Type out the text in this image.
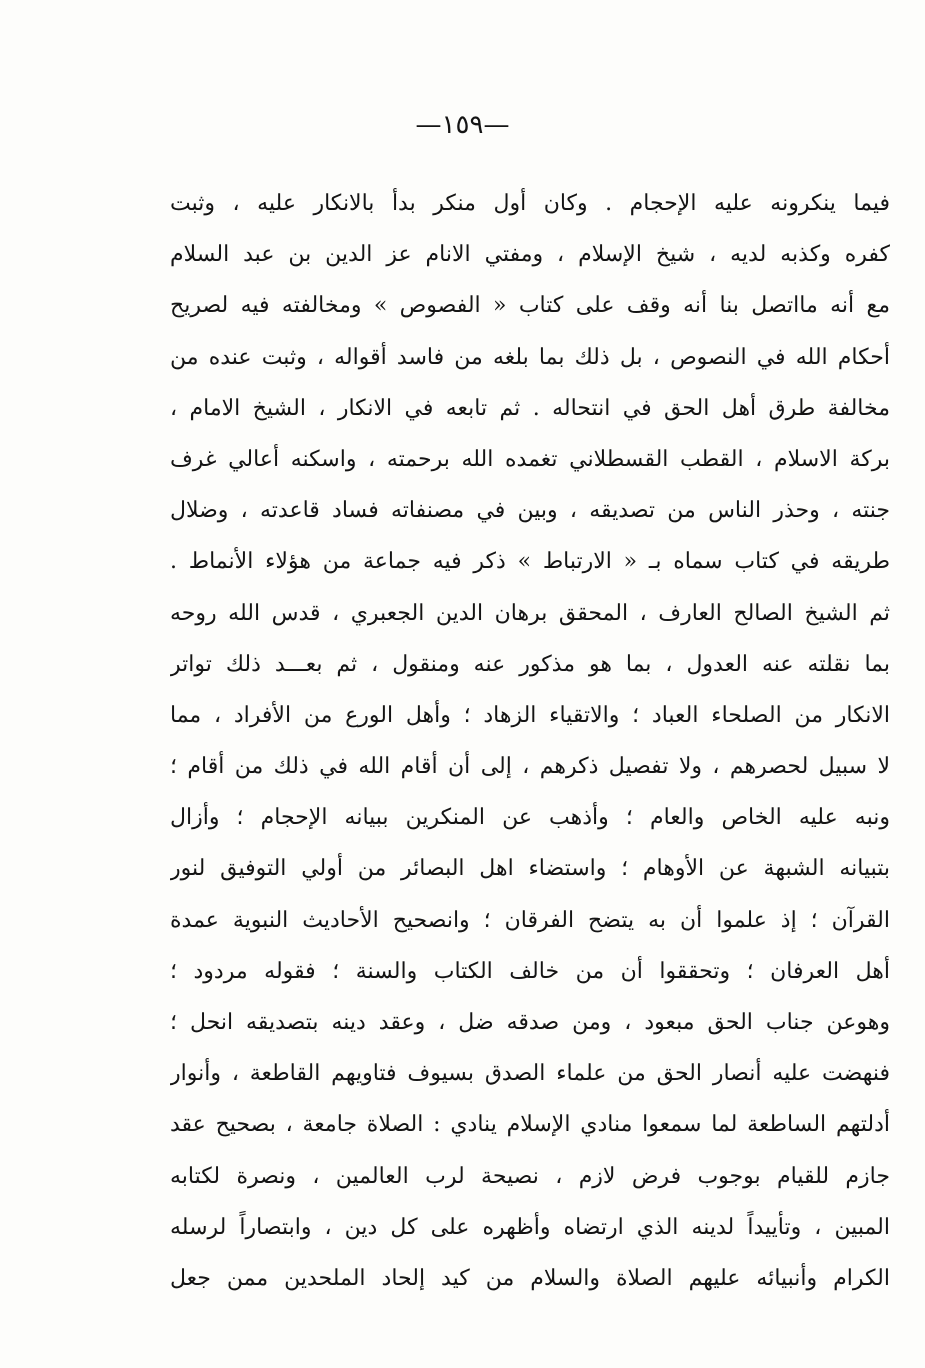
—١٥٩—
فيما ينكرونه عليه الإحجام . وكان أول منكر بدأ بالانكار عليه ، وثبت
كفره وكذبه لديه ، شيخ الإسلام ، ومفتي الانام عز الدين بن عبد السلام
مع أنه مااتصل بنا أنه وقف على كتاب « الفصوص » ومخالفته فيه لصريح
أحكام الله في النصوص ، بل ذلك بما بلغه من فاسد أقواله ، وثبت عنده من
مخالفة طرق أهل الحق في انتحاله . ثم تابعه في الانكار ، الشيخ الامام ،
بركة الاسلام ، القطب القسطلاني تغمده الله برحمته ، واسكنه أعالي غرف
جنته ، وحذر الناس من تصديقه ، وبين في مصنفاته فساد قاعدته ، وضلال
طريقه في كتاب سماه بـ « الارتباط » ذكر فيه جماعة من هؤلاء الأنماط .
ثم الشيخ الصالح العارف ، المحقق برهان الدين الجعبري ، قدس الله روحه
بما نقلته عنه العدول ، بما هو مذكور عنه ومنقول ، ثم بعـــد ذلك تواتر
الانكار من الصلحاء العباد ؛ والاتقياء الزهاد ؛ وأهل الورع من الأفراد ، مما
لا سبيل لحصرهم ، ولا تفصيل ذكرهم ، إلى أن أقام الله في ذلك من أقام ؛
ونبه عليه الخاص والعام ؛ وأذهب عن المنكرين ببيانه الإحجام ؛ وأزال
بتبيانه الشبهة عن الأوهام ؛ واستضاء اهل البصائر من أولي التوفيق لنور
القرآن ؛ إذ علموا أن به يتضح الفرقان ؛ وانصحيح الأحاديث النبوية عمدة
أهل العرفان ؛ وتحققوا أن من خالف الكتاب والسنة ؛ فقوله مردود ؛
وهوعن جناب الحق مبعود ، ومن صدقه ضل ، وعقد دينه بتصديقه انحل ؛
فنهضت عليه أنصار الحق من علماء الصدق بسيوف فتاويهم القاطعة ، وأنوار
أدلتهم الساطعة لما سمعوا منادي الإسلام ينادي : الصلاة جامعة ، بصحيح عقد
جازم للقيام بوجوب فرض لازم ، نصيحة لرب العالمين ، ونصرة لكتابه
المبين ، وتأييداً لدينه الذي ارتضاه وأظهره على كل دين ، وابتصاراً لرسله
الكرام وأنبيائه عليهم الصلاة والسلام من كيد إلحاد الملحدين ممن جعل
